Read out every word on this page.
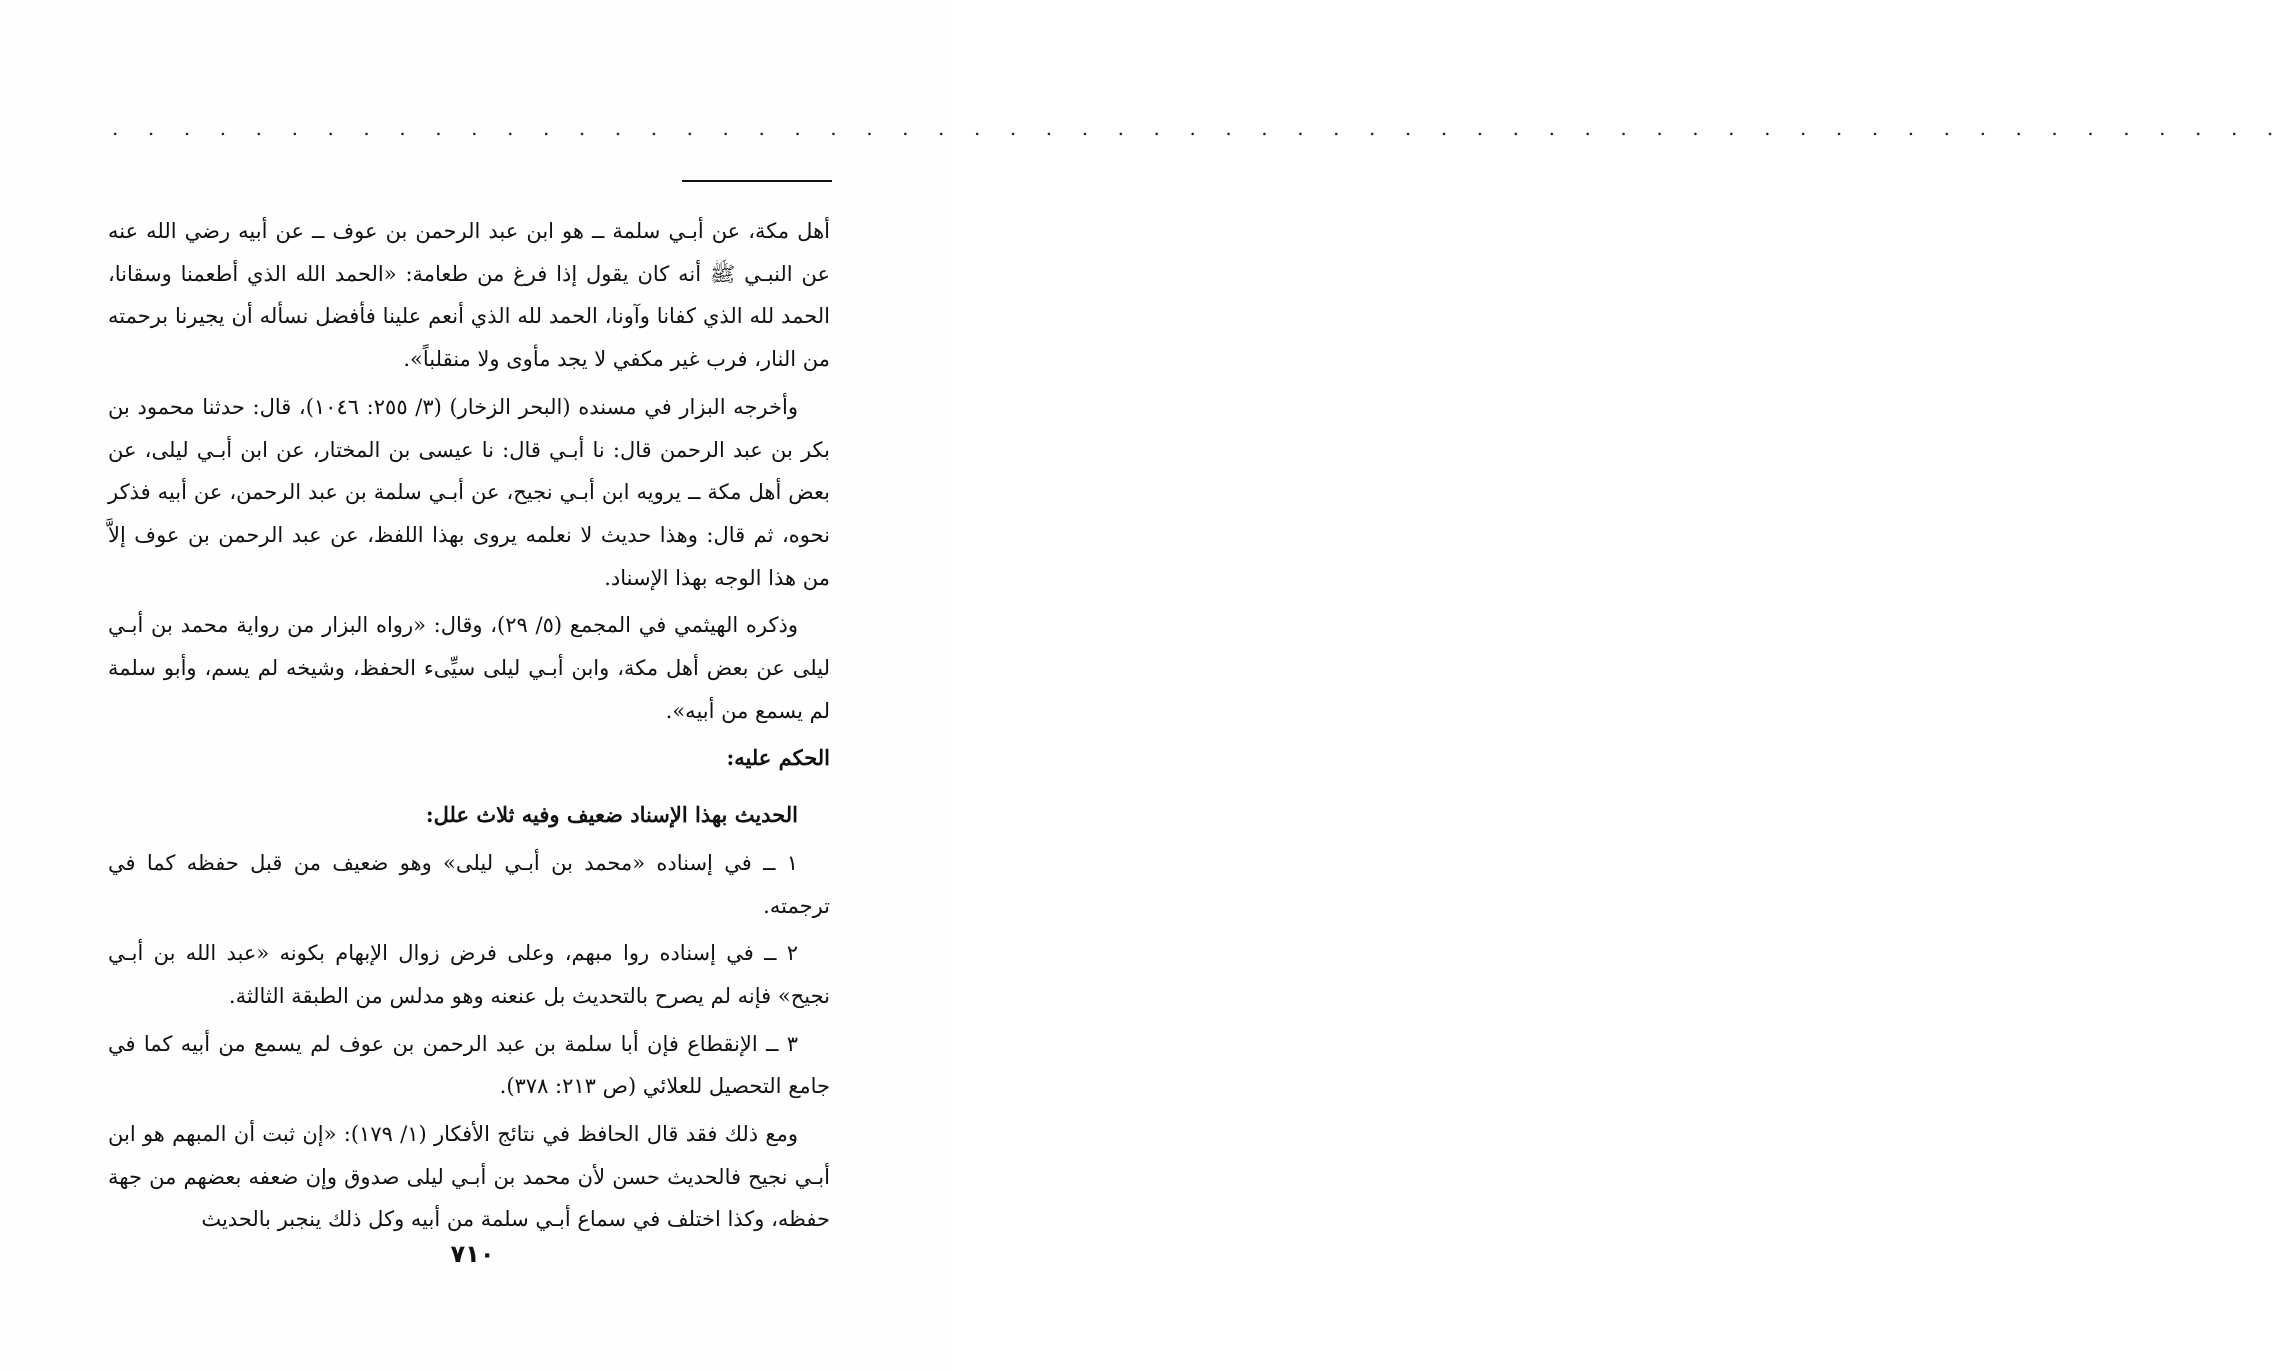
. . . . . . . . . . . . . . . . . . . . . . . . . . . . . . . . . . . . . . . . . . . . . . . . . . . . . . . . . . . . .

أهل مكة، عن أبـي سلمة ــ هو ابن عبد الرحمن بن عوف ــ عن أبيه رضي الله عنه عن النبـي ﷺ أنه كان يقول إذا فرغ من طعامة: «الحمد الله الذي أطعمنا وسقانا، الحمد لله الذي كفانا وآونا، الحمد لله الذي أنعم علينا فأفضل نسأله أن يجيرنا برحمته من النار، فرب غير مكفي لا يجد مأوى ولا منقلباً».

وأخرجه البزار في مسنده (البحر الزخار) (٣/ ٢٥٥: ١٠٤٦)، قال: حدثنا محمود بن بكر بن عبد الرحمن قال: نا أبـي قال: نا عيسى بن المختار، عن ابن أبـي ليلى، عن بعض أهل مكة ــ يرويه ابن أبـي نجيح، عن أبـي سلمة بن عبد الرحمن، عن أبيه فذكر نحوه، ثم قال: وهذا حديث لا نعلمه يروى بهذا اللفظ، عن عبد الرحمن بن عوف إلاَّ من هذا الوجه بهذا الإسناد.

وذكره الهيثمي في المجمع (٥/ ٢٩)، وقال: «رواه البزار من رواية محمد بن أبـي ليلى عن بعض أهل مكة، وابن أبـي ليلى سيِّىء الحفظ، وشيخه لم يسم، وأبو سلمة لم يسمع من أبيه».

الحكم عليه:

الحديث بهذا الإسناد ضعيف وفيه ثلاث علل:

١ ــ في إسناده «محمد بن أبـي ليلى» وهو ضعيف من قبل حفظه كما في ترجمته.

٢ ــ في إسناده روا مبهم، وعلى فرض زوال الإبهام بكونه «عبد الله بن أبـي نجيح» فإنه لم يصرح بالتحديث بل عنعنه وهو مدلس من الطبقة الثالثة.

٣ ــ الإنقطاع فإن أبا سلمة بن عبد الرحمن بن عوف لم يسمع من أبيه كما في جامع التحصيل للعلائي (ص ٢١٣: ٣٧٨).

ومع ذلك فقد قال الحافظ في نتائج الأفكار (١/ ١٧٩): «إن ثبت أن المبهم هو ابن أبـي نجيح فالحديث حسن لأن محمد بن أبـي ليلى صدوق وإن ضعفه بعضهم من جهة حفظه، وكذا اختلف في سماع أبـي سلمة من أبيه وكل ذلك ينجبر بالحديث

٧١٠
